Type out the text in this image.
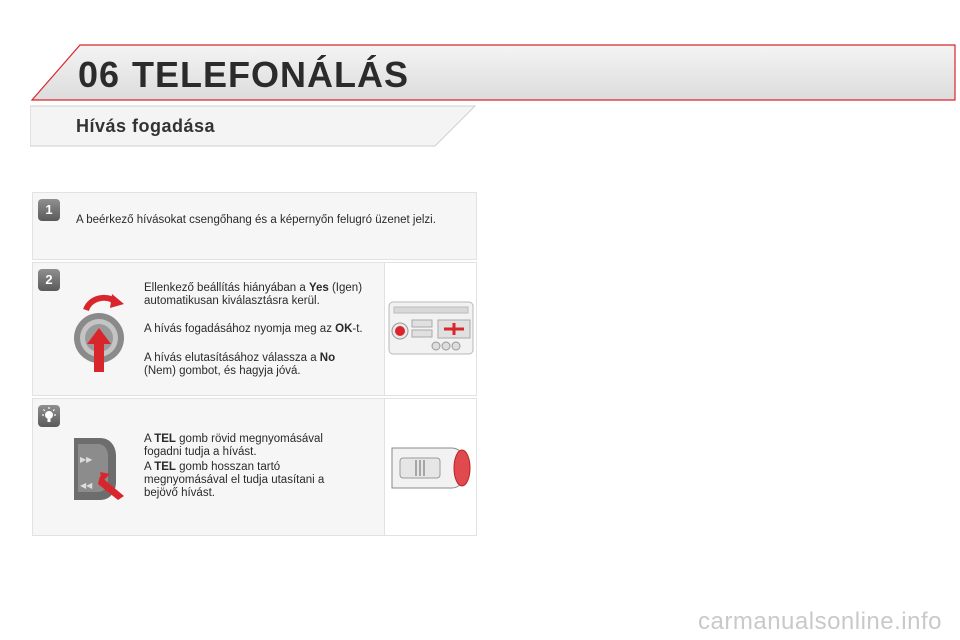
06 TELEFONÁLÁS
Hívás fogadása
1
2
A beérkező hívásokat csengőhang és a képernyőn felugró üzenet jelzi.
Ellenkező beállítás hiányában a Yes (Igen) automatikusan kiválasztásra kerül.
A hívás fogadásához nyomja meg az OK-t.
A hívás elutasításához válassza a No (Nem) gombot, és hagyja jóvá.
A TEL gomb rövid megnyomásával fogadni tudja a hívást.
A TEL gomb hosszan tartó megnyomásával el tudja utasítani a bejövő hívást.
▶▶
◀◀
carmanualsonline.info
